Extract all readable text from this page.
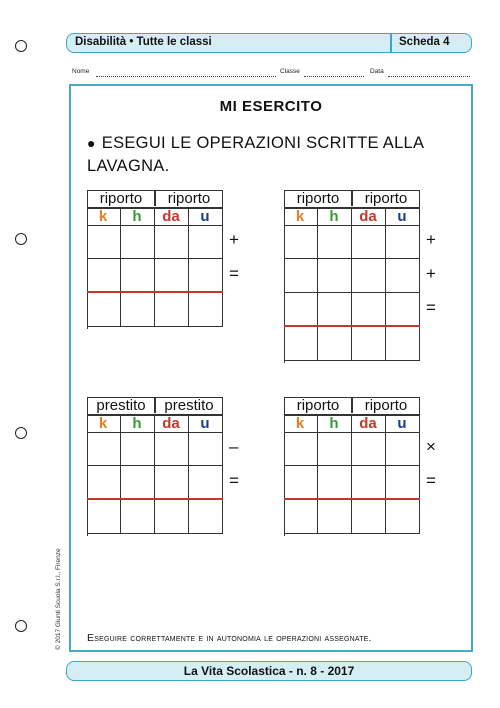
Disabilità • Tutte le classi	Scheda 4
Nome	Classe	Data
MI ESERCITO
● ESEGUI LE OPERAZIONI SCRITTE ALLA LAVAGNA.
riporto	riporto
k	h	da	u
+
=
riporto	riporto
k	h	da	u
+
+
=
prestito	prestito
k	h	da	u
–
=
riporto	riporto
k	h	da	u
×
=
Eseguire correttamente e in autonomia le operazioni assegnate.
© 2017 Giunti Scuola S.r.l., Firenze
La Vita Scolastica - n. 8 - 2017
